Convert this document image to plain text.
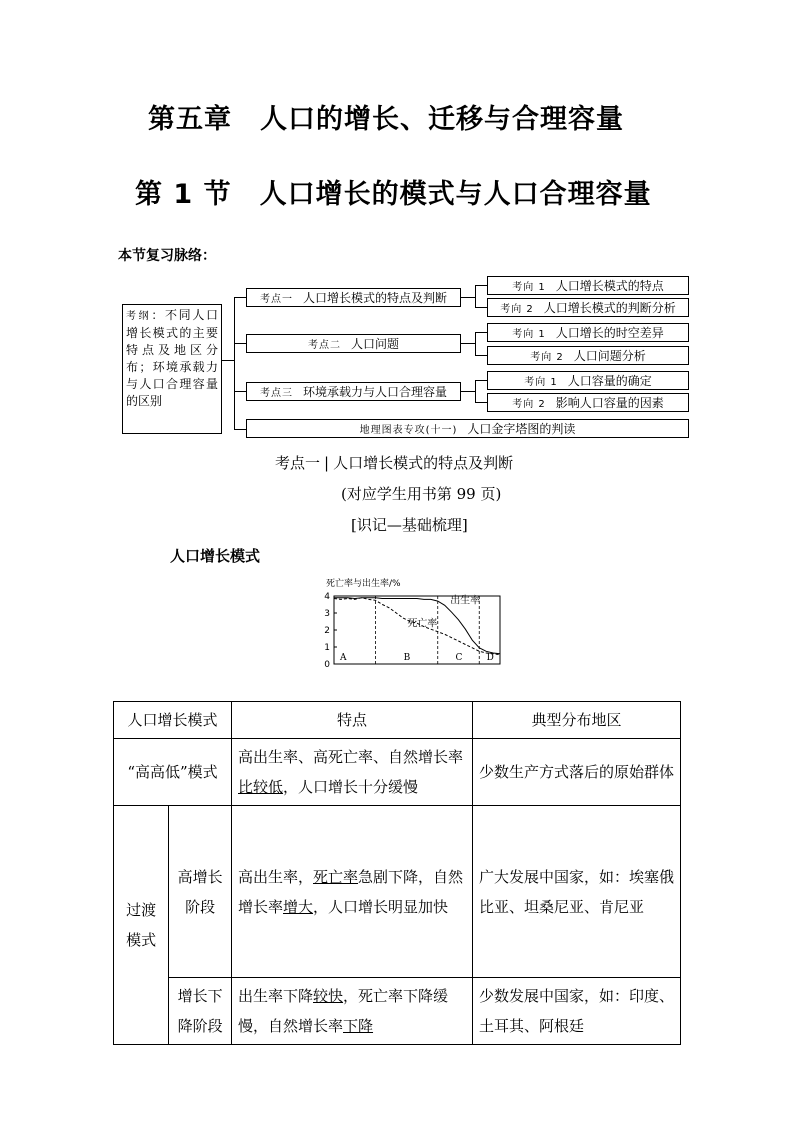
第五章　人口的增长、迁移与合理容量
第 1 节　人口增长的模式与人口合理容量
本节复习脉络：
考纲：不同人口增长模式的主要特点及地区分布；环境承载力与人口合理容量的区别
考点一 人口增长模式的特点及判断
考向 1 人口增长模式的特点
考向 2 人口增长模式的判断分析
考点二 人口问题
考向 1 人口增长的时空差异
考向 2 人口问题分析
考点三 环境承载力与人口合理容量
考向 1 人口容量的确定
考向 2 影响人口容量的因素
地理图表专攻(十一) 人口金字塔图的判读
考点一 | 人口增长模式的特点及判断
(对应学生用书第 99 页)
[识记—基础梳理]
人口增长模式
死亡率与出生率/%
0
1
2
3
4
A	B	C	D
出生率
死亡率
人口增长模式		特点	典型分布地区
“高高低”模式		高出生率、高死亡率、自然增长率比较低，人口增长十分缓慢	少数生产方式落后的原始群体
过渡模式	高增长阶段	高出生率，死亡率急剧下降，自然增长率增大，人口增长明显加快	广大发展中国家，如：埃塞俄比亚、坦桑尼亚、肯尼亚
	增长下降阶段	出生率下降较快，死亡率下降缓慢，自然增长率下降	少数发展中国家，如：印度、土耳其、阿根廷
